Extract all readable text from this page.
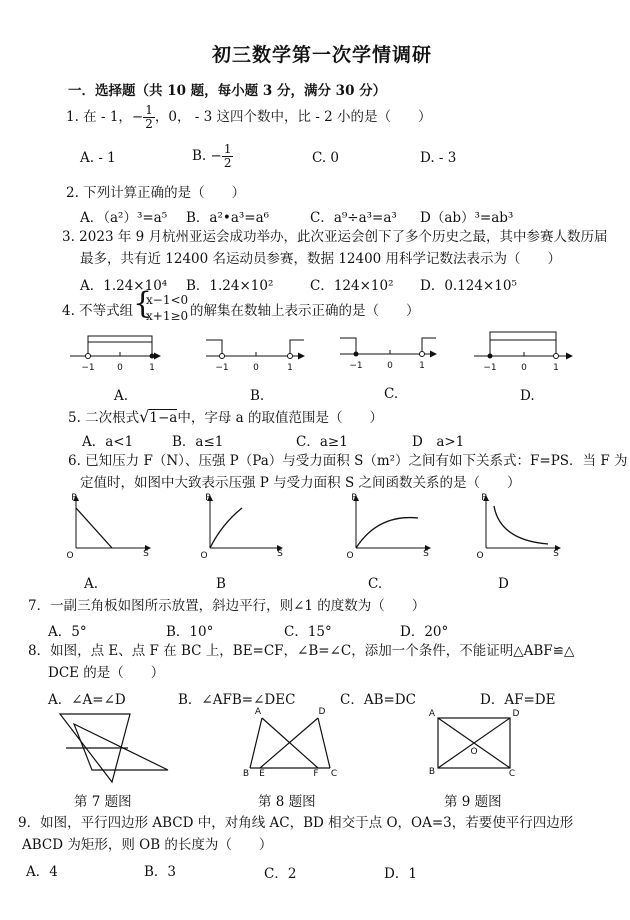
初三数学第一次学情调研
一．选择题（共 10 题，每小题 3 分，满分 30 分）
1. 在 - 1，− $\frac{1}{2}$ ，0， - 3 这四个数中，比 - 2 小的是（　　）
A. - 1	B. − $\frac{1}{2}$	C. 0	D. - 3
2. 下列计算正确的是（　　）
A．（a²）³=a⁵ B．a²•a³=a⁶	C．a⁹÷a³=a³ D（ab）³=ab³
3. 2023 年 9 月杭州亚运会成功举办，此次亚运会创下了多个历史之最，其中参赛人数历届
最多，共有近 12400 名运动员参赛，数据 12400 用科学记数法表示为（　　）
A．1.24×10⁴ B．1.24×10²	C．124×10² D．0.124×10⁵
4. 不等式组 {
x−1<0
x+1≥0 的解集在数轴上表示正确的是（　　）
−1 0	1	−1	0	1	−1	0	1	−1	0	1
A.	B.	C.	D.
5. 二次根式√1−a中，字母 a 的取值范围是（　　）
A．a<1	B．a≤1	C．a≥1	D　a>1
6. 已知压力 F（N）、压强 P（Pa）与受力面积 S（m²）之间有如下关系式：F=PS．当 F 为
定值时，如图中大致表示压强 P 与受力面积 S 之间函数关系的是（　　）
P
S
O
P
S
O
P
S
O
P
S
O
A.	B	C.	D
7．一副三角板如图所示放置，斜边平行，则∠1 的度数为（　　）
A．5°	B．10°	C．15°	D．20°
8．如图，点 E、点 F 在 BC 上，BE=CF，∠B=∠C，添加一个条件，不能证明△ABF≌△
DCE 的是（　　）
A．∠A=∠D	B．∠AFB=∠DEC	C．AB=DC	D．AF=DE
A	D
B E	F C
A	D
B	C
O
第 7 题图	第 8 题图	第 9 题图
9．如图，平行四边形 ABCD 中，对角线 AC，BD 相交于点 O，OA=3，若要使平行四边形
ABCD 为矩形，则 OB 的长度为（　　）
A．4	B．3	C．2	D．1
